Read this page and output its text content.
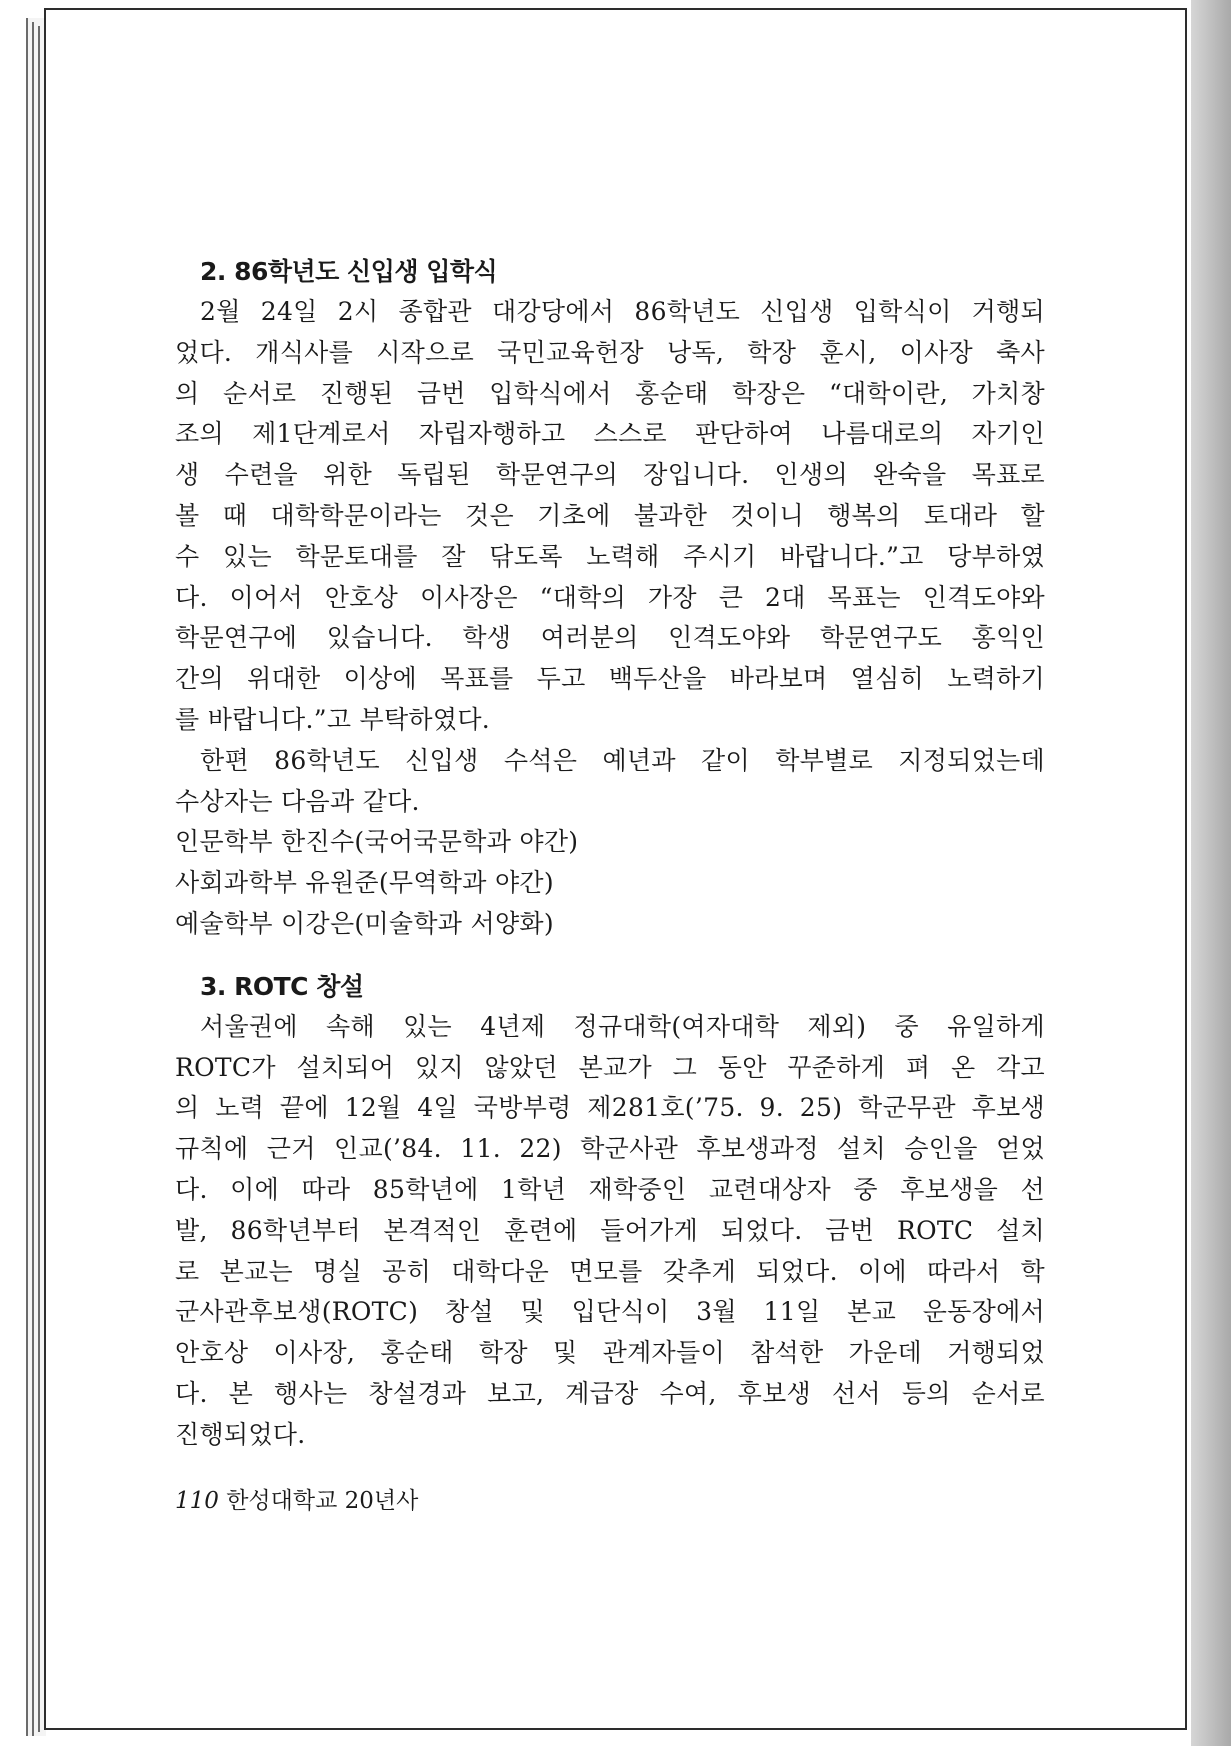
2. 86학년도 신입생 입학식
2월 24일 2시 종합관 대강당에서 86학년도 신입생 입학식이 거행되
었다. 개식사를 시작으로 국민교육헌장 낭독, 학장 훈시, 이사장 축사
의 순서로 진행된 금번 입학식에서 홍순태 학장은 “대학이란, 가치창
조의 제1단계로서 자립자행하고 스스로 판단하여 나름대로의 자기인
생 수련을 위한 독립된 학문연구의 장입니다. 인생의 완숙을 목표로
볼 때 대학학문이라는 것은 기초에 불과한 것이니 행복의 토대라 할
수 있는 학문토대를 잘 닦도록 노력해 주시기 바랍니다.”고 당부하였
다. 이어서 안호상 이사장은 “대학의 가장 큰 2대 목표는 인격도야와
학문연구에 있습니다. 학생 여러분의 인격도야와 학문연구도 홍익인
간의 위대한 이상에 목표를 두고 백두산을 바라보며 열심히 노력하기
를 바랍니다.”고 부탁하였다.
한편 86학년도 신입생 수석은 예년과 같이 학부별로 지정되었는데
수상자는 다음과 같다.
인문학부 한진수(국어국문학과 야간)
사회과학부 유원준(무역학과 야간)
예술학부 이강은(미술학과 서양화)
3. ROTC 창설
서울권에 속해 있는 4년제 정규대학(여자대학 제외) 중 유일하게
ROTC가 설치되어 있지 않았던 본교가 그 동안 꾸준하게 펴 온 각고
의 노력 끝에 12월 4일 국방부령 제281호(’75. 9. 25) 학군무관 후보생
규칙에 근거 인교(’84. 11. 22) 학군사관 후보생과정 설치 승인을 얻었
다. 이에 따라 85학년에 1학년 재학중인 교련대상자 중 후보생을 선
발, 86학년부터 본격적인 훈련에 들어가게 되었다. 금번 ROTC 설치
로 본교는 명실 공히 대학다운 면모를 갖추게 되었다. 이에 따라서 학
군사관후보생(ROTC) 창설 및 입단식이 3월 11일 본교 운동장에서
안호상 이사장, 홍순태 학장 및 관계자들이 참석한 가운데 거행되었
다. 본 행사는 창설경과 보고, 계급장 수여, 후보생 선서 등의 순서로
진행되었다.
110 한성대학교 20년사
